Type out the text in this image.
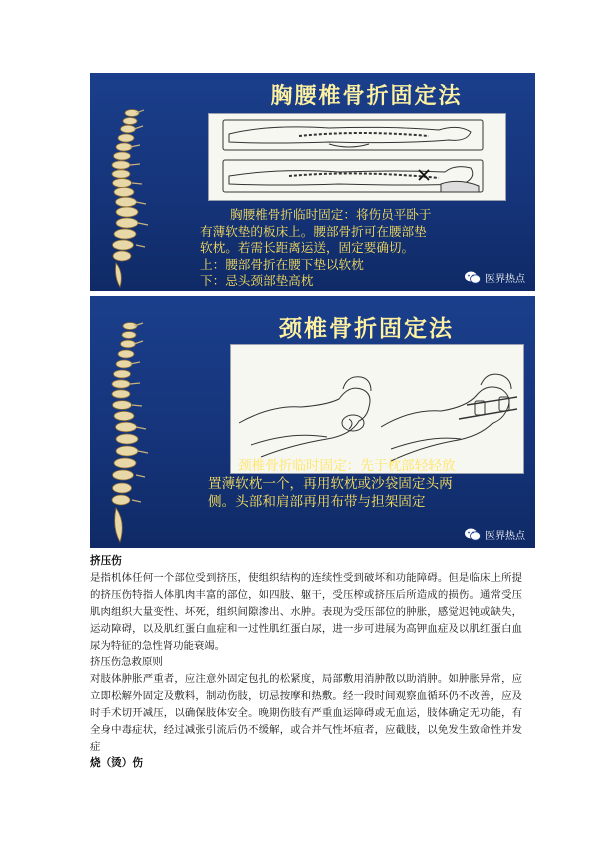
胸腰椎骨折固定法

胸腰椎骨折临时固定：将伤员平卧于
有薄软垫的板床上。腰部骨折可在腰部垫
软枕。若需长距离运送，固定要确切。
上：腰部骨折在腰下垫以软枕
下：忌头颈部垫高枕	医界热点
颈椎骨折固定法

颈椎骨折临时固定：先于枕部轻轻放
置薄软枕一个，再用软枕或沙袋固定头两
侧。头部和肩部再用布带与担架固定

医界热点

挤压伤

是指机体任何一个部位受到挤压，使组织结构的连续性受到破坏和功能障碍。但是临床上所提的挤压伤特指人体肌肉丰富的部位，如四肢、躯干，受压榨或挤压后所造成的损伤。通常受压肌肉组织大量变性、坏死，组织间隙渗出、水肿。表现为受压部位的肿胀，感觉迟钝或缺失，运动障碍，以及肌红蛋白血症和一过性肌红蛋白尿，进一步可进展为高钾血症及以肌红蛋白血尿为特征的急性肾功能衰竭。

挤压伤急救原则

对肢体肿胀严重者，应注意外固定包扎的松紧度，局部敷用消肿散以助消肿。如肿胀异常，应立即松解外固定及敷料，制动伤肢，切忌按摩和热敷。经一段时间观察血循环仍不改善，应及时手术切开减压，以确保肢体安全。晚期伤肢有严重血运障碍或无血运，肢体确定无功能，有全身中毒症状，经过减张引流后仍不缓解，或合并气性坏疽者，应截肢，以免发生致命性并发症

烧（烫）伤
